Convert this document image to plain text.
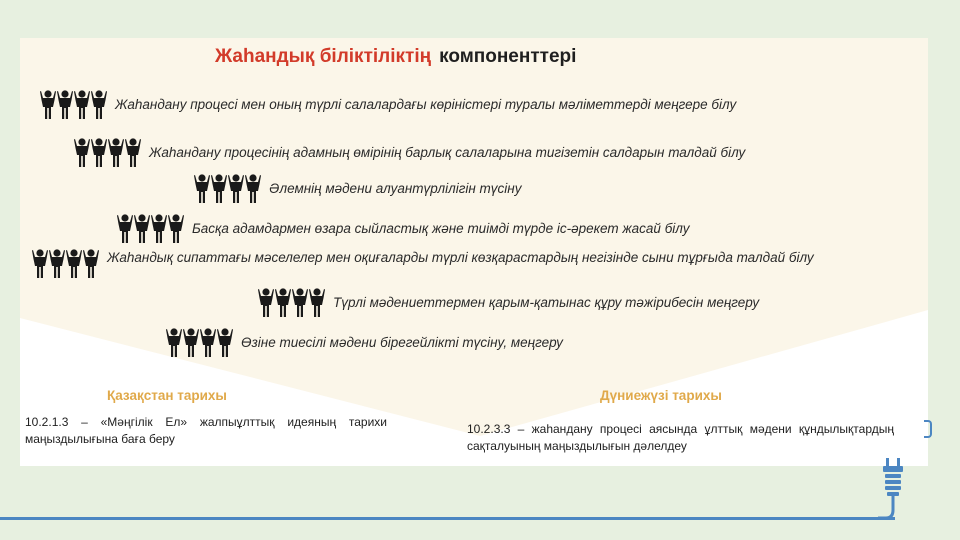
Жаһандық біліктіліктің компоненттері
Жаһандану процесі мен оның түрлі салалардағы көріністері туралы мәліметтерді меңгере білу
Жаһандану процесінің адамның өмірінің барлық салаларына тигізетін салдарын талдай білу
Әлемнің мәдени алуантүрлілігін түсіну
Басқа адамдармен өзара сыйластық және тиімді түрде іс-әрекет жасай білу
Жаһандық сипаттағы мәселелер мен оқиғаларды түрлі көзқарастардың негізінде сыни тұрғыда талдай білу
Түрлі мәдениеттермен қарым-қатынас құру тәжірибесін меңгеру
Өзіне тиесілі мәдени бірегейлікті түсіну, меңгеру
Қазақстан тарихы
10.2.1.3 – «Мәңгілік Ел» жалпыұлттық идеяның тарихи маңыздылығына баға беру
Дүниежүзі тарихы
10.2.3.3 – жаһандану процесі аясында ұлттық мәдени құндылықтардың сақталуының маңыздылығын дәлелдеу
